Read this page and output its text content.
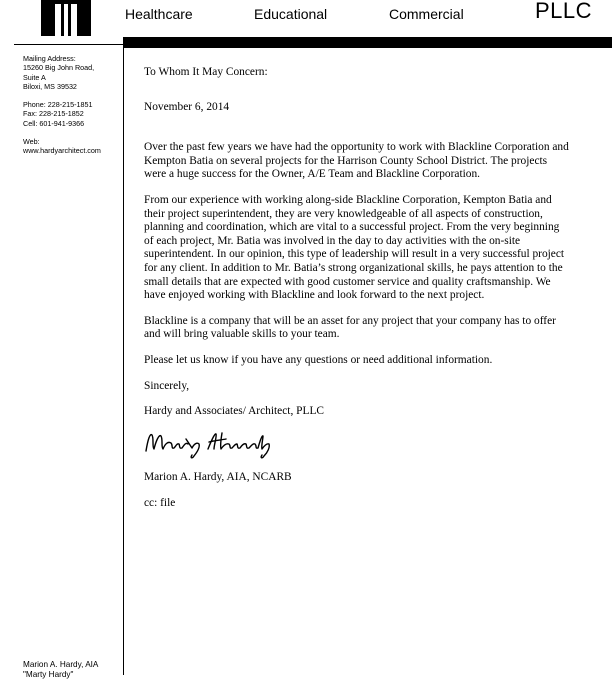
Healthcare	Educational	Commercial	PLLC
Mailing Address:
15260 Big John Road,
Suite A
Biloxi, MS 39532
Phone: 228-215-1851
Fax: 228-215-1852
Cell: 601-941-9366
Web:
www.hardyarchitect.com
Marion A. Hardy, AIA
"Marty Hardy"

To Whom It May Concern:

November 6, 2014

Over the past few years we have had the opportunity to work with Blackline Corporation and Kempton Batia on several projects for the Harrison County School District. The projects were a huge success for the Owner, A/E Team and Blackline Corporation.

From our experience with working along-side Blackline Corporation, Kempton Batia and their project superintendent, they are very knowledgeable of all aspects of construction, planning and coordination, which are vital to a successful project. From the very beginning of each project, Mr. Batia was involved in the day to day activities with the on-site superintendent. In our opinion, this type of leadership will result in a very successful project for any client. In addition to Mr. Batia’s strong organizational skills, he pays attention to the small details that are expected with good customer service and quality craftsmanship. We have enjoyed working with Blackline and look forward to the next project.

Blackline is a company that will be an asset for any project that your company has to offer and will bring valuable skills to your team.

Please let us know if you have any questions or need additional information.

Sincerely,

Hardy and Associates/ Architect, PLLC

Marty Hardy

Marion A. Hardy, AIA, NCARB

cc: file
